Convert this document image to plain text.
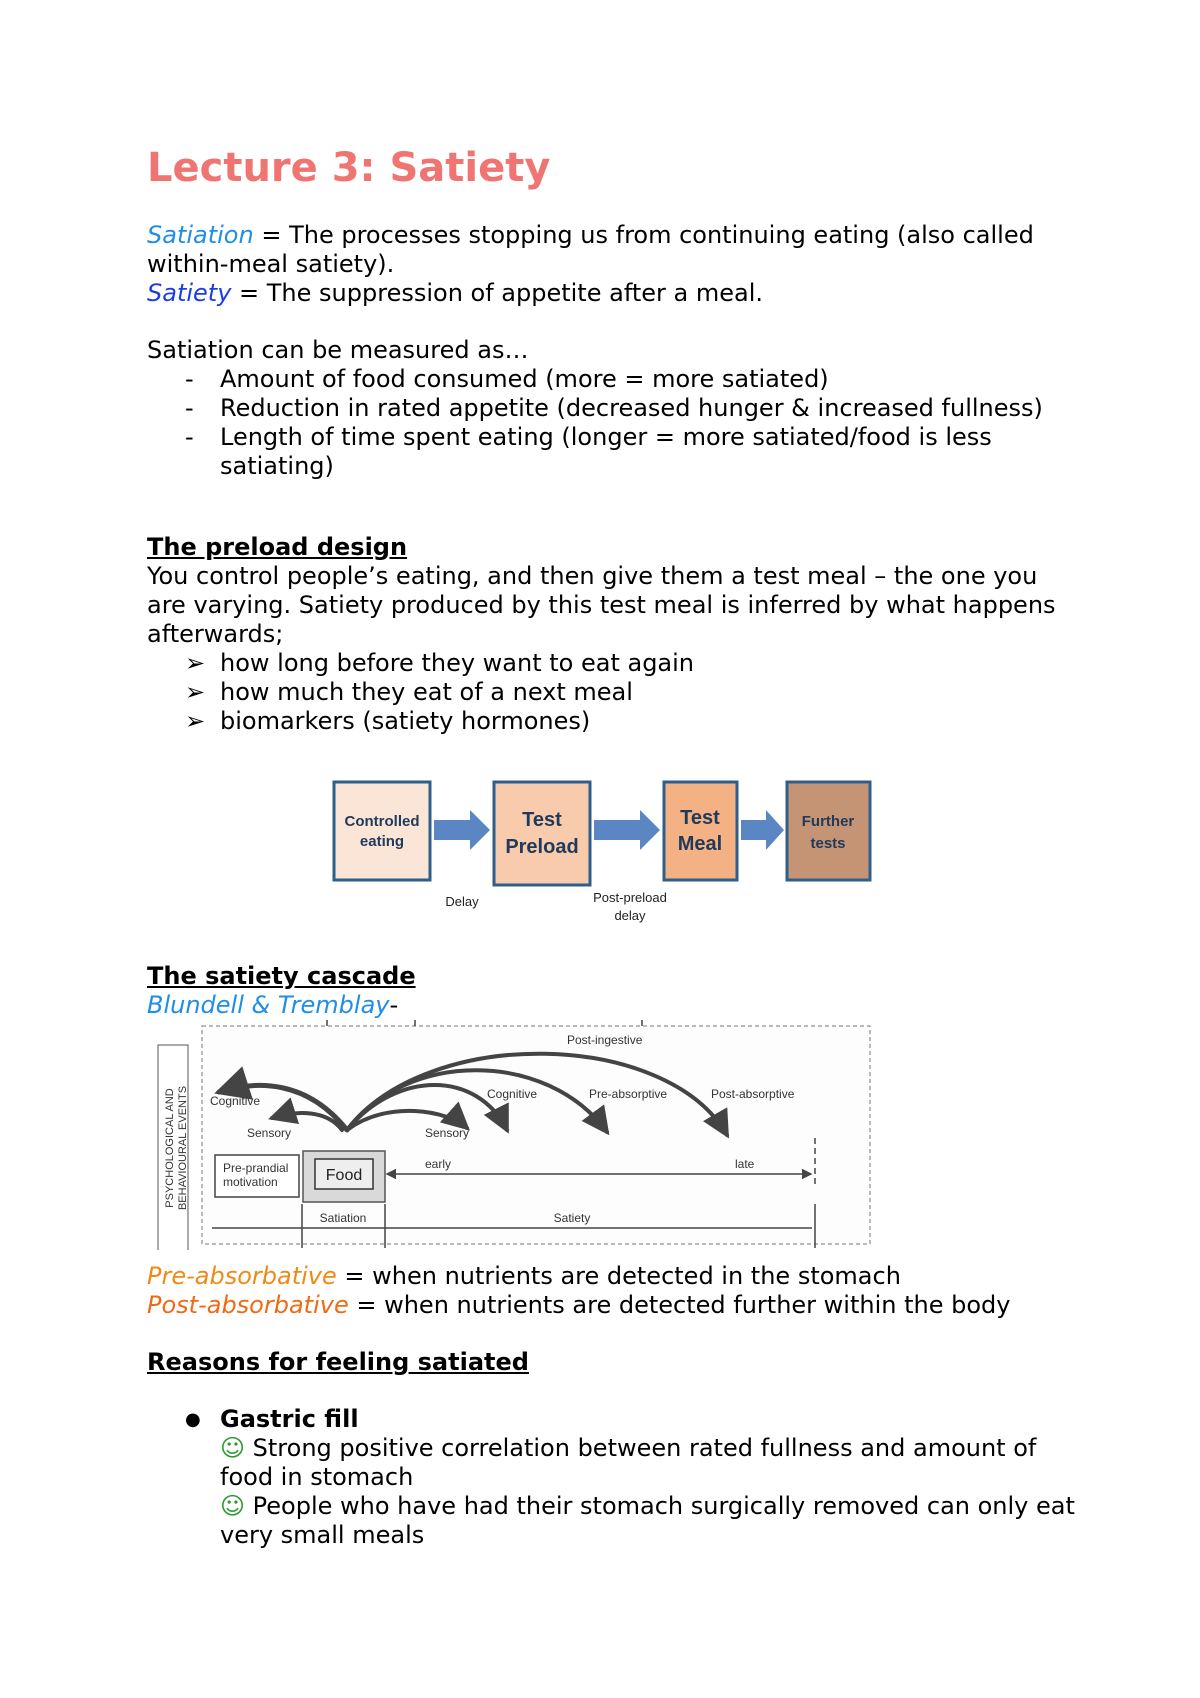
Lecture 3: Satiety
Satiation = The processes stopping us from continuing eating (also called within-meal satiety).
Satiety = The suppression of appetite after a meal.
Satiation can be measured as…
- Amount of food consumed (more = more satiated)
- Reduction in rated appetite (decreased hunger & increased fullness)
- Length of time spent eating (longer = more satiated/food is less satiating)
The preload design
You control people’s eating, and then give them a test meal – the one you are varying. Satiety produced by this test meal is inferred by what happens afterwards;
➢ how long before they want to eat again
➢ how much they eat of a next meal
➢ biomarkers (satiety hormones)
Controlled
eating
Test
Preload
Test
Meal
Further
tests
Delay	Post-preload
delay
The satiety cascade
Blundell & Tremblay-
PSYCHOLOGICAL AND BEHAVIOURAL EVENTS
Post-ingestive
Cognitive
Sensory	Sensory
Cognitive	Pre-absorptive	Post-absorptive
Pre-prandial
motivation	Food
early	late
Satiation	Satiety
Pre-absorbative = when nutrients are detected in the stomach
Post-absorbative = when nutrients are detected further within the body
Reasons for feeling satiated
● Gastric fill
☺ Strong positive correlation between rated fullness and amount of food in stomach
☺ People who have had their stomach surgically removed can only eat very small meals
